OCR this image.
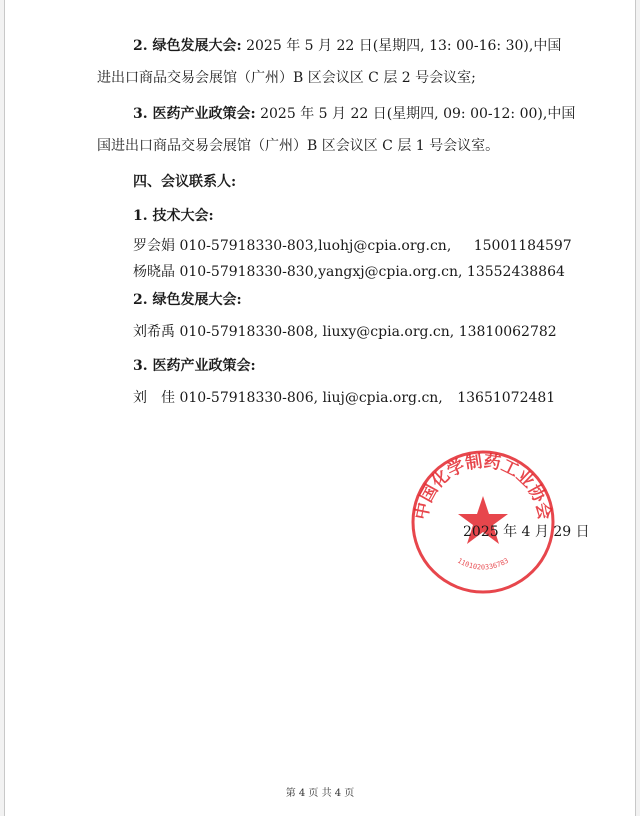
2. 绿色发展大会: 2025 年 5 月 22 日(星期四, 13: 00-16: 30),中国
进出口商品交易会展馆（广州）B 区会议区 C 层 2 号会议室;
3. 医药产业政策会: 2025 年 5 月 22 日(星期四, 09: 00-12: 00),中国
国进出口商品交易会展馆（广州）B 区会议区 C 层 1 号会议室。
四、会议联系人:
1. 技术大会:
罗会娟 010-57918330-803,luohj@cpia.org.cn, 15001184597
杨晓晶 010-57918330-830,yangxj@cpia.org.cn, 13552438864
2. 绿色发展大会:
刘希禹 010-57918330-808, liuxy@cpia.org.cn, 13810062782
3. 医药产业政策会:
刘　佳 010-57918330-806, liuj@cpia.org.cn, 13651072481
中国化学制药工业协会
1101020336783
2025 年 4 月 29 日
第 4 页 共 4 页
